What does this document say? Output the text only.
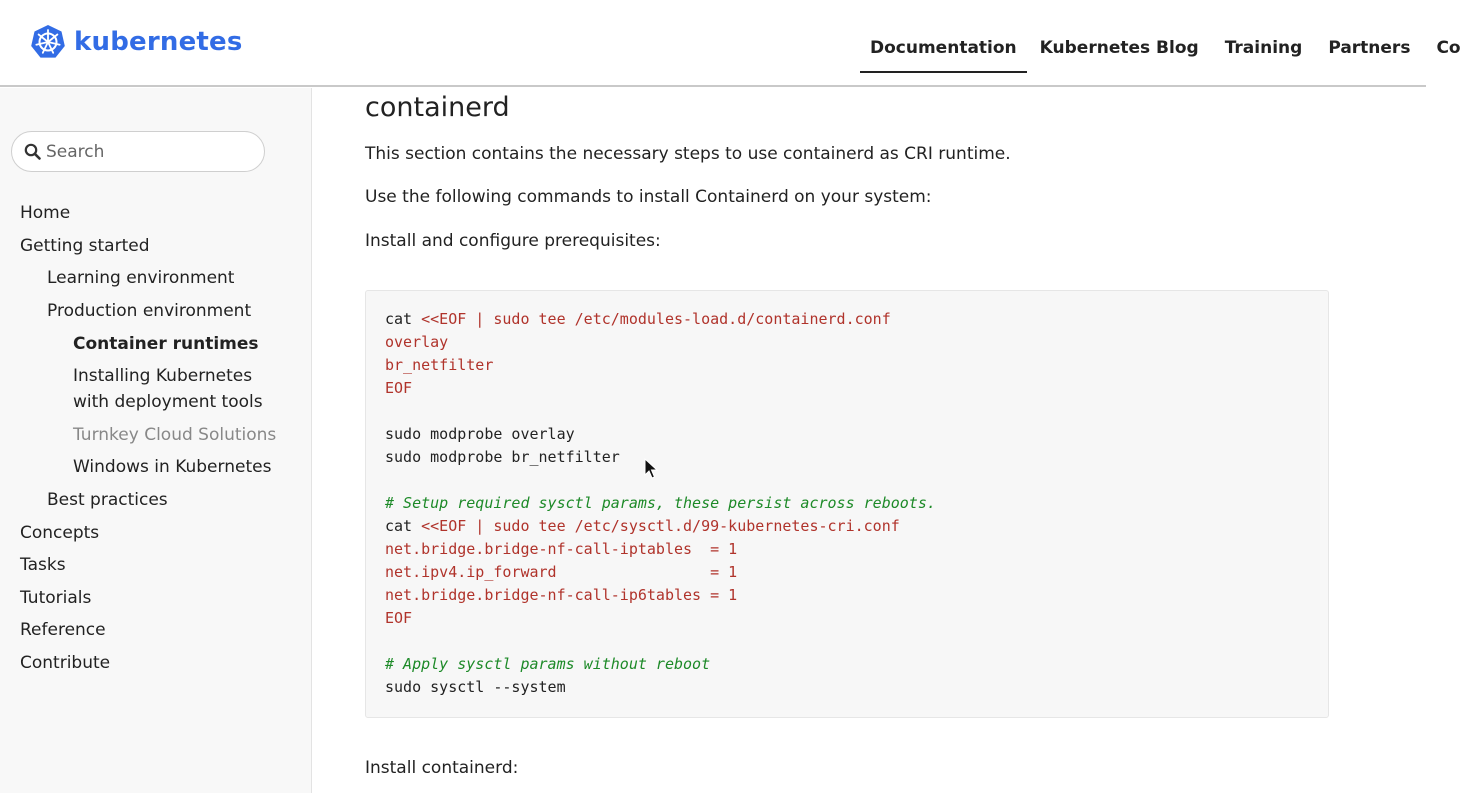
kubernetes	Documentation	Kubernetes Blog	Training	Partners	Co
Search
Home
Getting started
Learning environment
Production environment
Container runtimes
Installing Kubernetes
with deployment tools
Turnkey Cloud Solutions
Windows in Kubernetes
Best practices
Concepts
Tasks
Tutorials
Reference
Contribute
containerd
This section contains the necessary steps to use containerd as CRI runtime.
Use the following commands to install Containerd on your system:
Install and configure prerequisites:
cat <<EOF | sudo tee /etc/modules-load.d/containerd.conf
overlay
br_netfilter
EOF

sudo modprobe overlay
sudo modprobe br_netfilter

# Setup required sysctl params, these persist across reboots.
cat <<EOF | sudo tee /etc/sysctl.d/99-kubernetes-cri.conf
net.bridge.bridge-nf-call-iptables  = 1
net.ipv4.ip_forward                 = 1
net.bridge.bridge-nf-call-ip6tables = 1
EOF

# Apply sysctl params without reboot
sudo sysctl --system
Install containerd:
